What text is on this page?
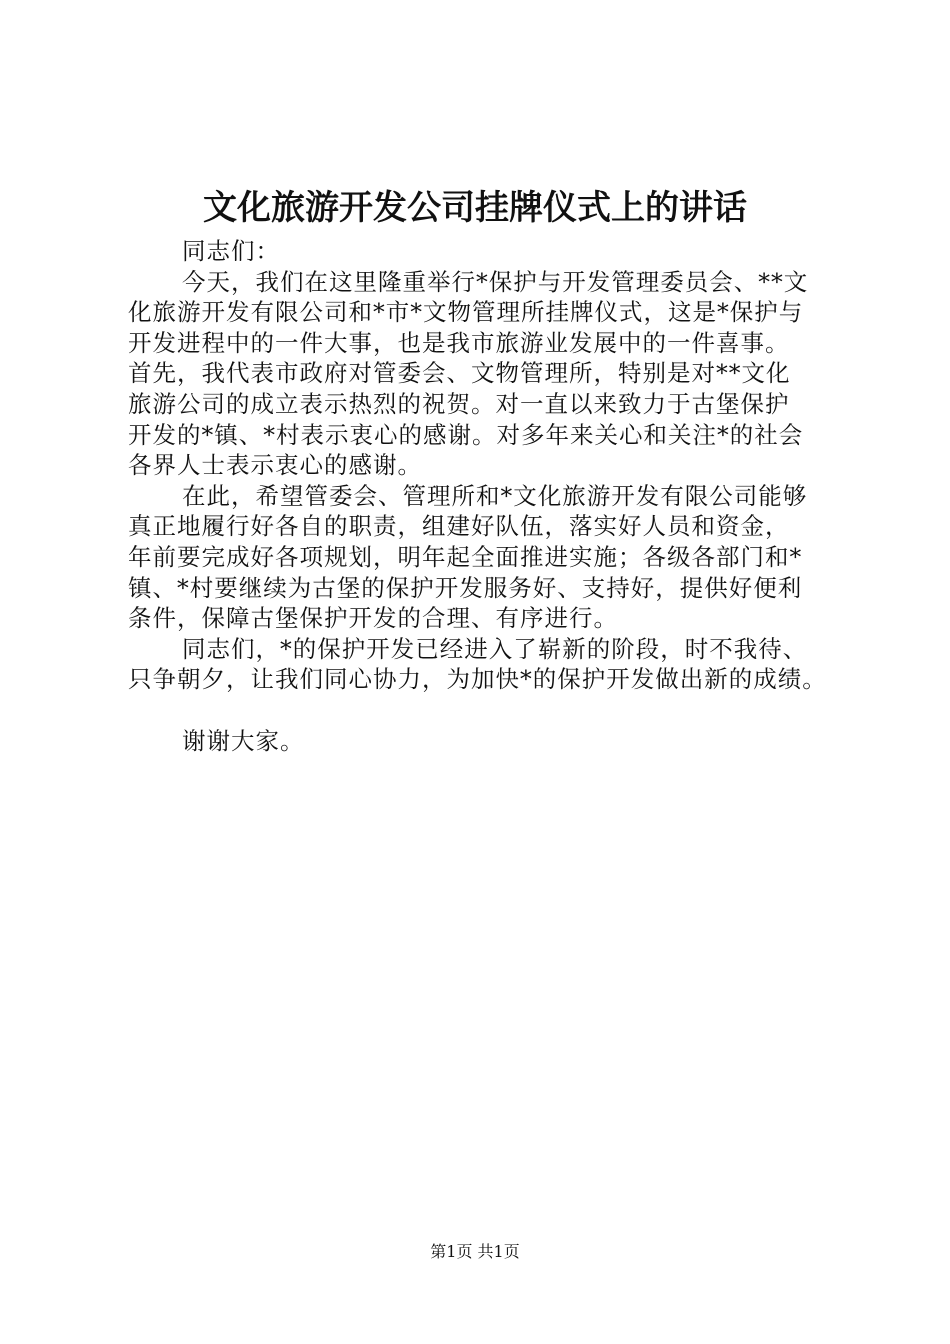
文化旅游开发公司挂牌仪式上的讲话
同志们：
今天，我们在这里隆重举行*保护与开发管理委员会、**文
化旅游开发有限公司和*市*文物管理所挂牌仪式，这是*保护与
开发进程中的一件大事，也是我市旅游业发展中的一件喜事。
首先，我代表市政府对管委会、文物管理所，特别是对**文化
旅游公司的成立表示热烈的祝贺。对一直以来致力于古堡保护
开发的*镇、*村表示衷心的感谢。对多年来关心和关注*的社会
各界人士表示衷心的感谢。
在此，希望管委会、管理所和*文化旅游开发有限公司能够
真正地履行好各自的职责，组建好队伍，落实好人员和资金，
年前要完成好各项规划，明年起全面推进实施；各级各部门和*
镇、*村要继续为古堡的保护开发服务好、支持好，提供好便利
条件，保障古堡保护开发的合理、有序进行。
同志们，*的保护开发已经进入了崭新的阶段，时不我待、
只争朝夕，让我们同心协力，为加快*的保护开发做出新的成绩。
谢谢大家。
第1页 共1页
